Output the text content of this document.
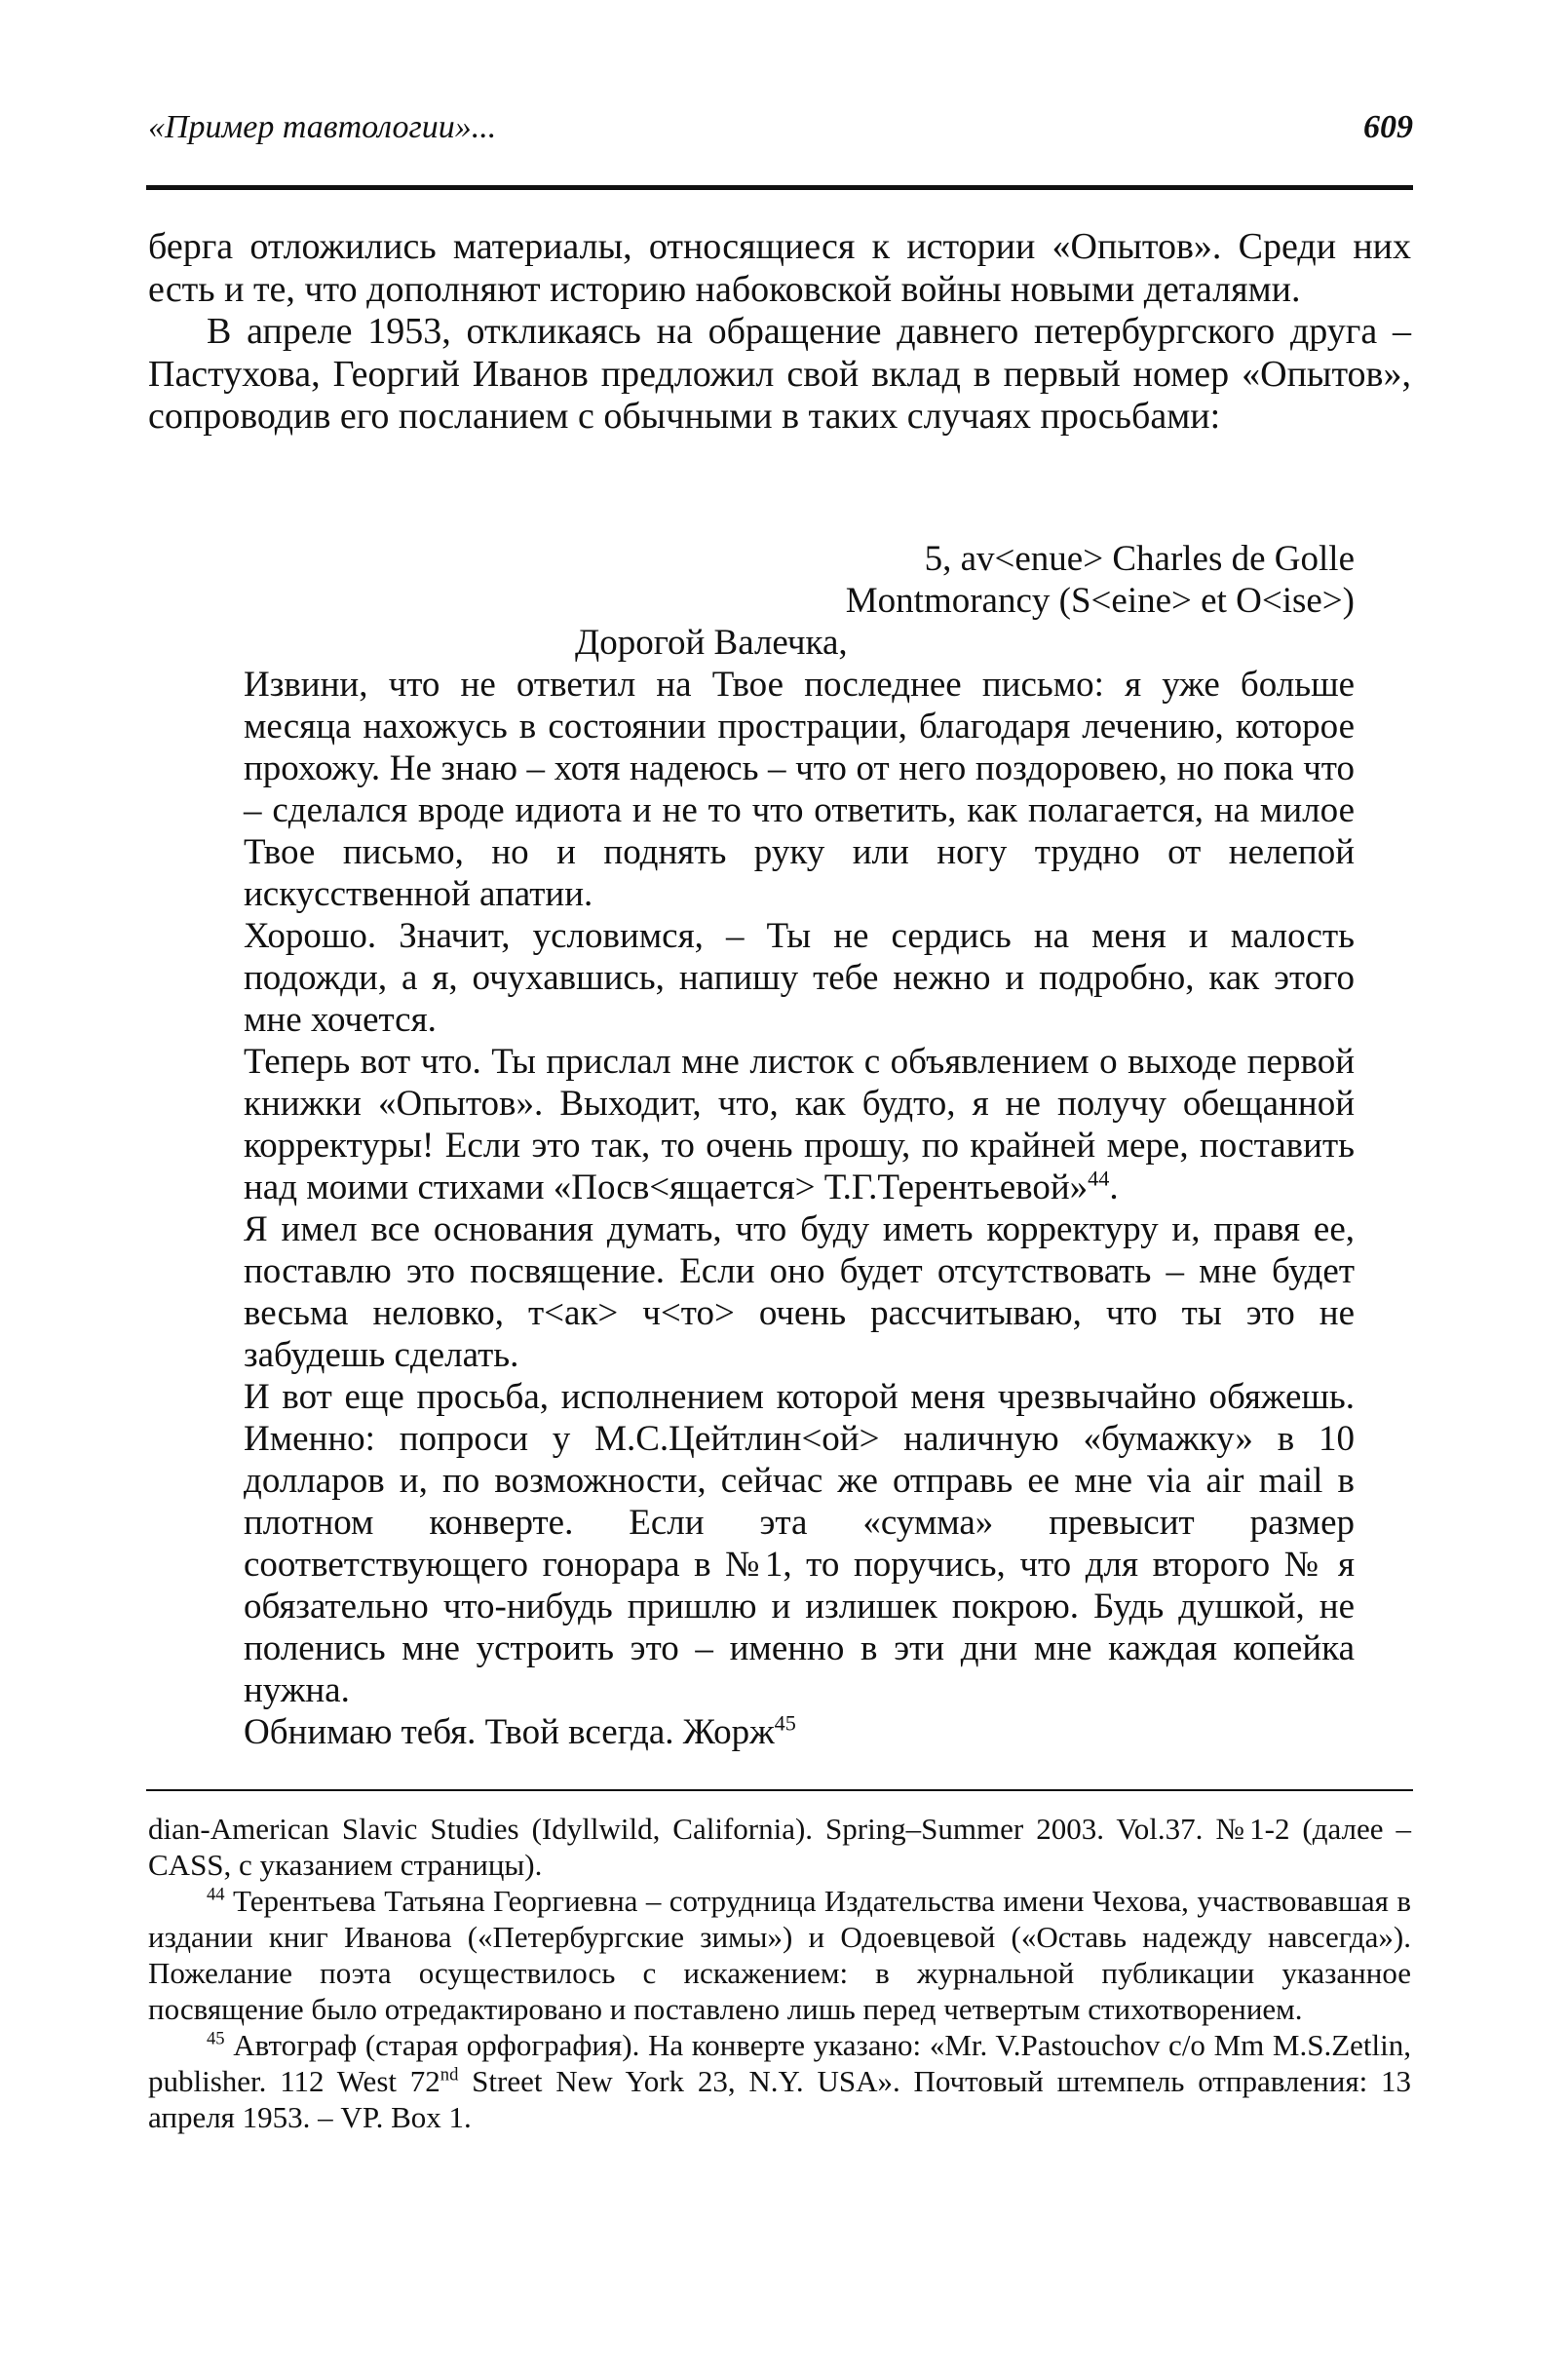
«Пример тавтологии»...	609

берга отложились материалы, относящиеся к истории «Опытов». Среди них есть и те, что дополняют историю набоковской войны новыми деталями.

В апреле 1953, откликаясь на обращение давнего петербургского друга – Пастухова, Георгий Иванов предложил свой вклад в первый номер «Опытов», сопроводив его посланием с обычными в таких случаях просьбами:

5, av<enue> Charles de Golle

Montmorancy (S<eine> et O<ise>)

Дорогой Валечка,

Извини, что не ответил на Твое последнее письмо: я уже больше месяца нахожусь в состоянии прострации, благодаря лечению, которое прохожу. Не знаю – хотя надеюсь – что от него поздоровею, но пока что – сделался вроде идиота и не то что ответить, как полагается, на милое Твое письмо, но и поднять руку или ногу трудно от нелепой искусственной апатии.

Хорошо. Значит, условимся, – Ты не сердись на меня и малость подожди, а я, очухавшись, напишу тебе нежно и подробно, как этого мне хочется.

Теперь вот что. Ты прислал мне листок с объявлением о выходе первой книжки «Опытов». Выходит, что, как будто, я не получу обещанной корректуры! Если это так, то очень прошу, по крайней мере, поставить над моими стихами «Посв<ящается> Т.Г.Терентьевой»$^{44}$.

Я имел все основания думать, что буду иметь корректуру и, правя ее, поставлю это посвящение. Если оно будет отсутствовать – мне будет весьма неловко, т<ак> ч<то> очень рассчитываю, что ты это не забудешь сделать.

И вот еще просьба, исполнением которой меня чрезвычайно обяжешь. Именно: попроси у М.С.Цейтлин<ой> наличную «бумажку» в 10 долларов и, по возможности, сейчас же отправь ее мне via air mail в плотном конверте. Если эта «сумма» превысит размер соответствующего гонорара в №1, то поручись, что для второго № я обязательно что-нибудь пришлю и излишек покрою. Будь душкой, не поленись мне устроить это – именно в эти дни мне каждая копейка нужна.

Обнимаю тебя. Твой всегда. Жорж$^{45}$

dian-American Slavic Studies (Idyllwild, California). Spring–Summer 2003. Vol.37. №1-2 (далее – CASS, с указанием страницы).

$^{44}$ Терентьева Татьяна Георгиевна – сотрудница Издательства имени Чехова, участвовавшая в издании книг Иванова («Петербургские зимы») и Одоевцевой («Оставь надежду навсегда»). Пожелание поэта осуществилось с искажением: в журнальной публикации указанное посвящение было отредактировано и поставлено лишь перед четвертым стихотворением.

$^{45}$ Автограф (старая орфография). На конверте указано: «Mr. V.Pastouchov c/o Mm M.S.Zetlin, publisher. 112 West 72nd Street New York 23, N.Y. USA». Почтовый штемпель отправления: 13 апреля 1953. – VP. Box 1.
